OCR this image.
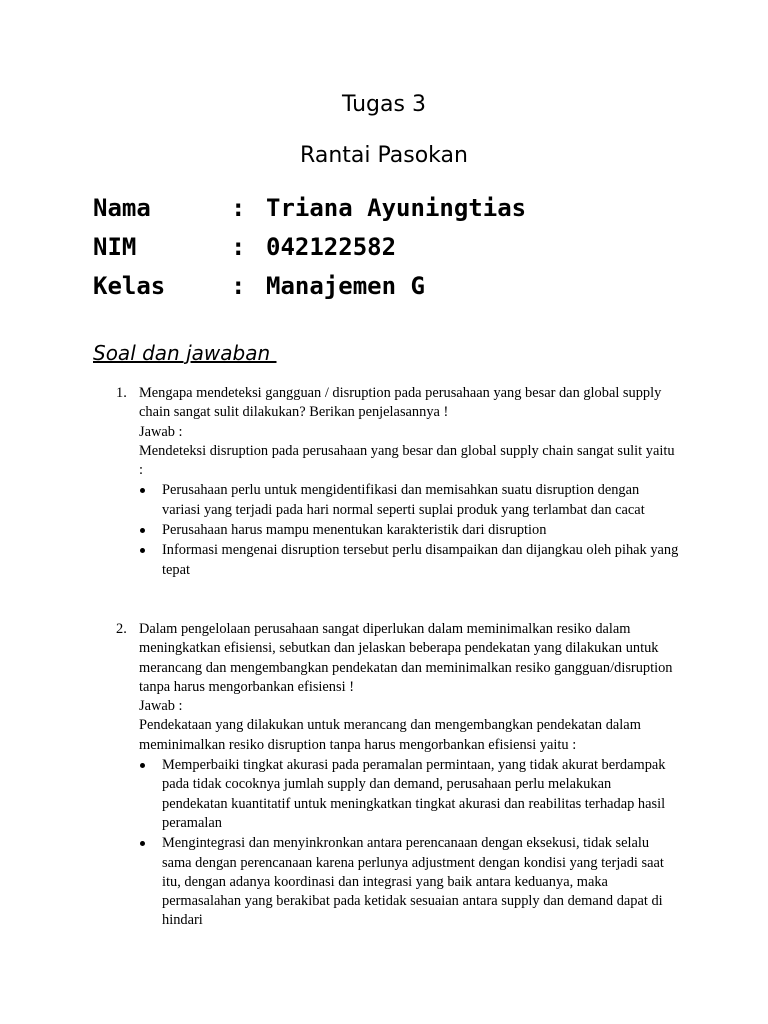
Tugas 3
Rantai Pasokan
Nama	: Triana Ayuningtias
NIM	: 042122582
Kelas	: Manajemen G
Soal dan jawaban
1. Mengapa mendeteksi gangguan / disruption pada perusahaan yang besar dan global supply chain sangat sulit dilakukan? Berikan penjelasannya !

Jawab :

Mendeteksi disruption pada perusahaan yang besar dan global supply chain sangat sulit yaitu :

Perusahaan perlu untuk mengidentifikasi dan memisahkan suatu disruption dengan variasi yang terjadi pada hari normal seperti suplai produk yang terlambat dan cacat
Perusahaan harus mampu menentukan karakteristik dari disruption
Informasi mengenai disruption tersebut perlu disampaikan dan dijangkau oleh pihak yang tepat
2. Dalam pengelolaan perusahaan sangat diperlukan dalam meminimalkan resiko dalam meningkatkan efisiensi, sebutkan dan jelaskan beberapa pendekatan yang dilakukan untuk merancang dan mengembangkan pendekatan dan meminimalkan resiko gangguan/disruption tanpa harus mengorbankan efisiensi !

Jawab :

Pendekataan yang dilakukan untuk merancang dan mengembangkan pendekatan dalam meminimalkan resiko disruption tanpa harus mengorbankan efisiensi yaitu :

Memperbaiki tingkat akurasi pada peramalan permintaan, yang tidak akurat berdampak pada tidak cocoknya jumlah supply dan demand, perusahaan perlu melakukan pendekatan kuantitatif untuk meningkatkan tingkat akurasi dan reabilitas terhadap hasil peramalan
Mengintegrasi dan menyinkronkan antara perencanaan dengan eksekusi, tidak selalu sama dengan perencanaan karena perlunya adjustment dengan kondisi yang terjadi saat itu, dengan adanya koordinasi dan integrasi yang baik antara keduanya, maka permasalahan yang berakibat pada ketidak sesuaian antara supply dan demand dapat di hindari
